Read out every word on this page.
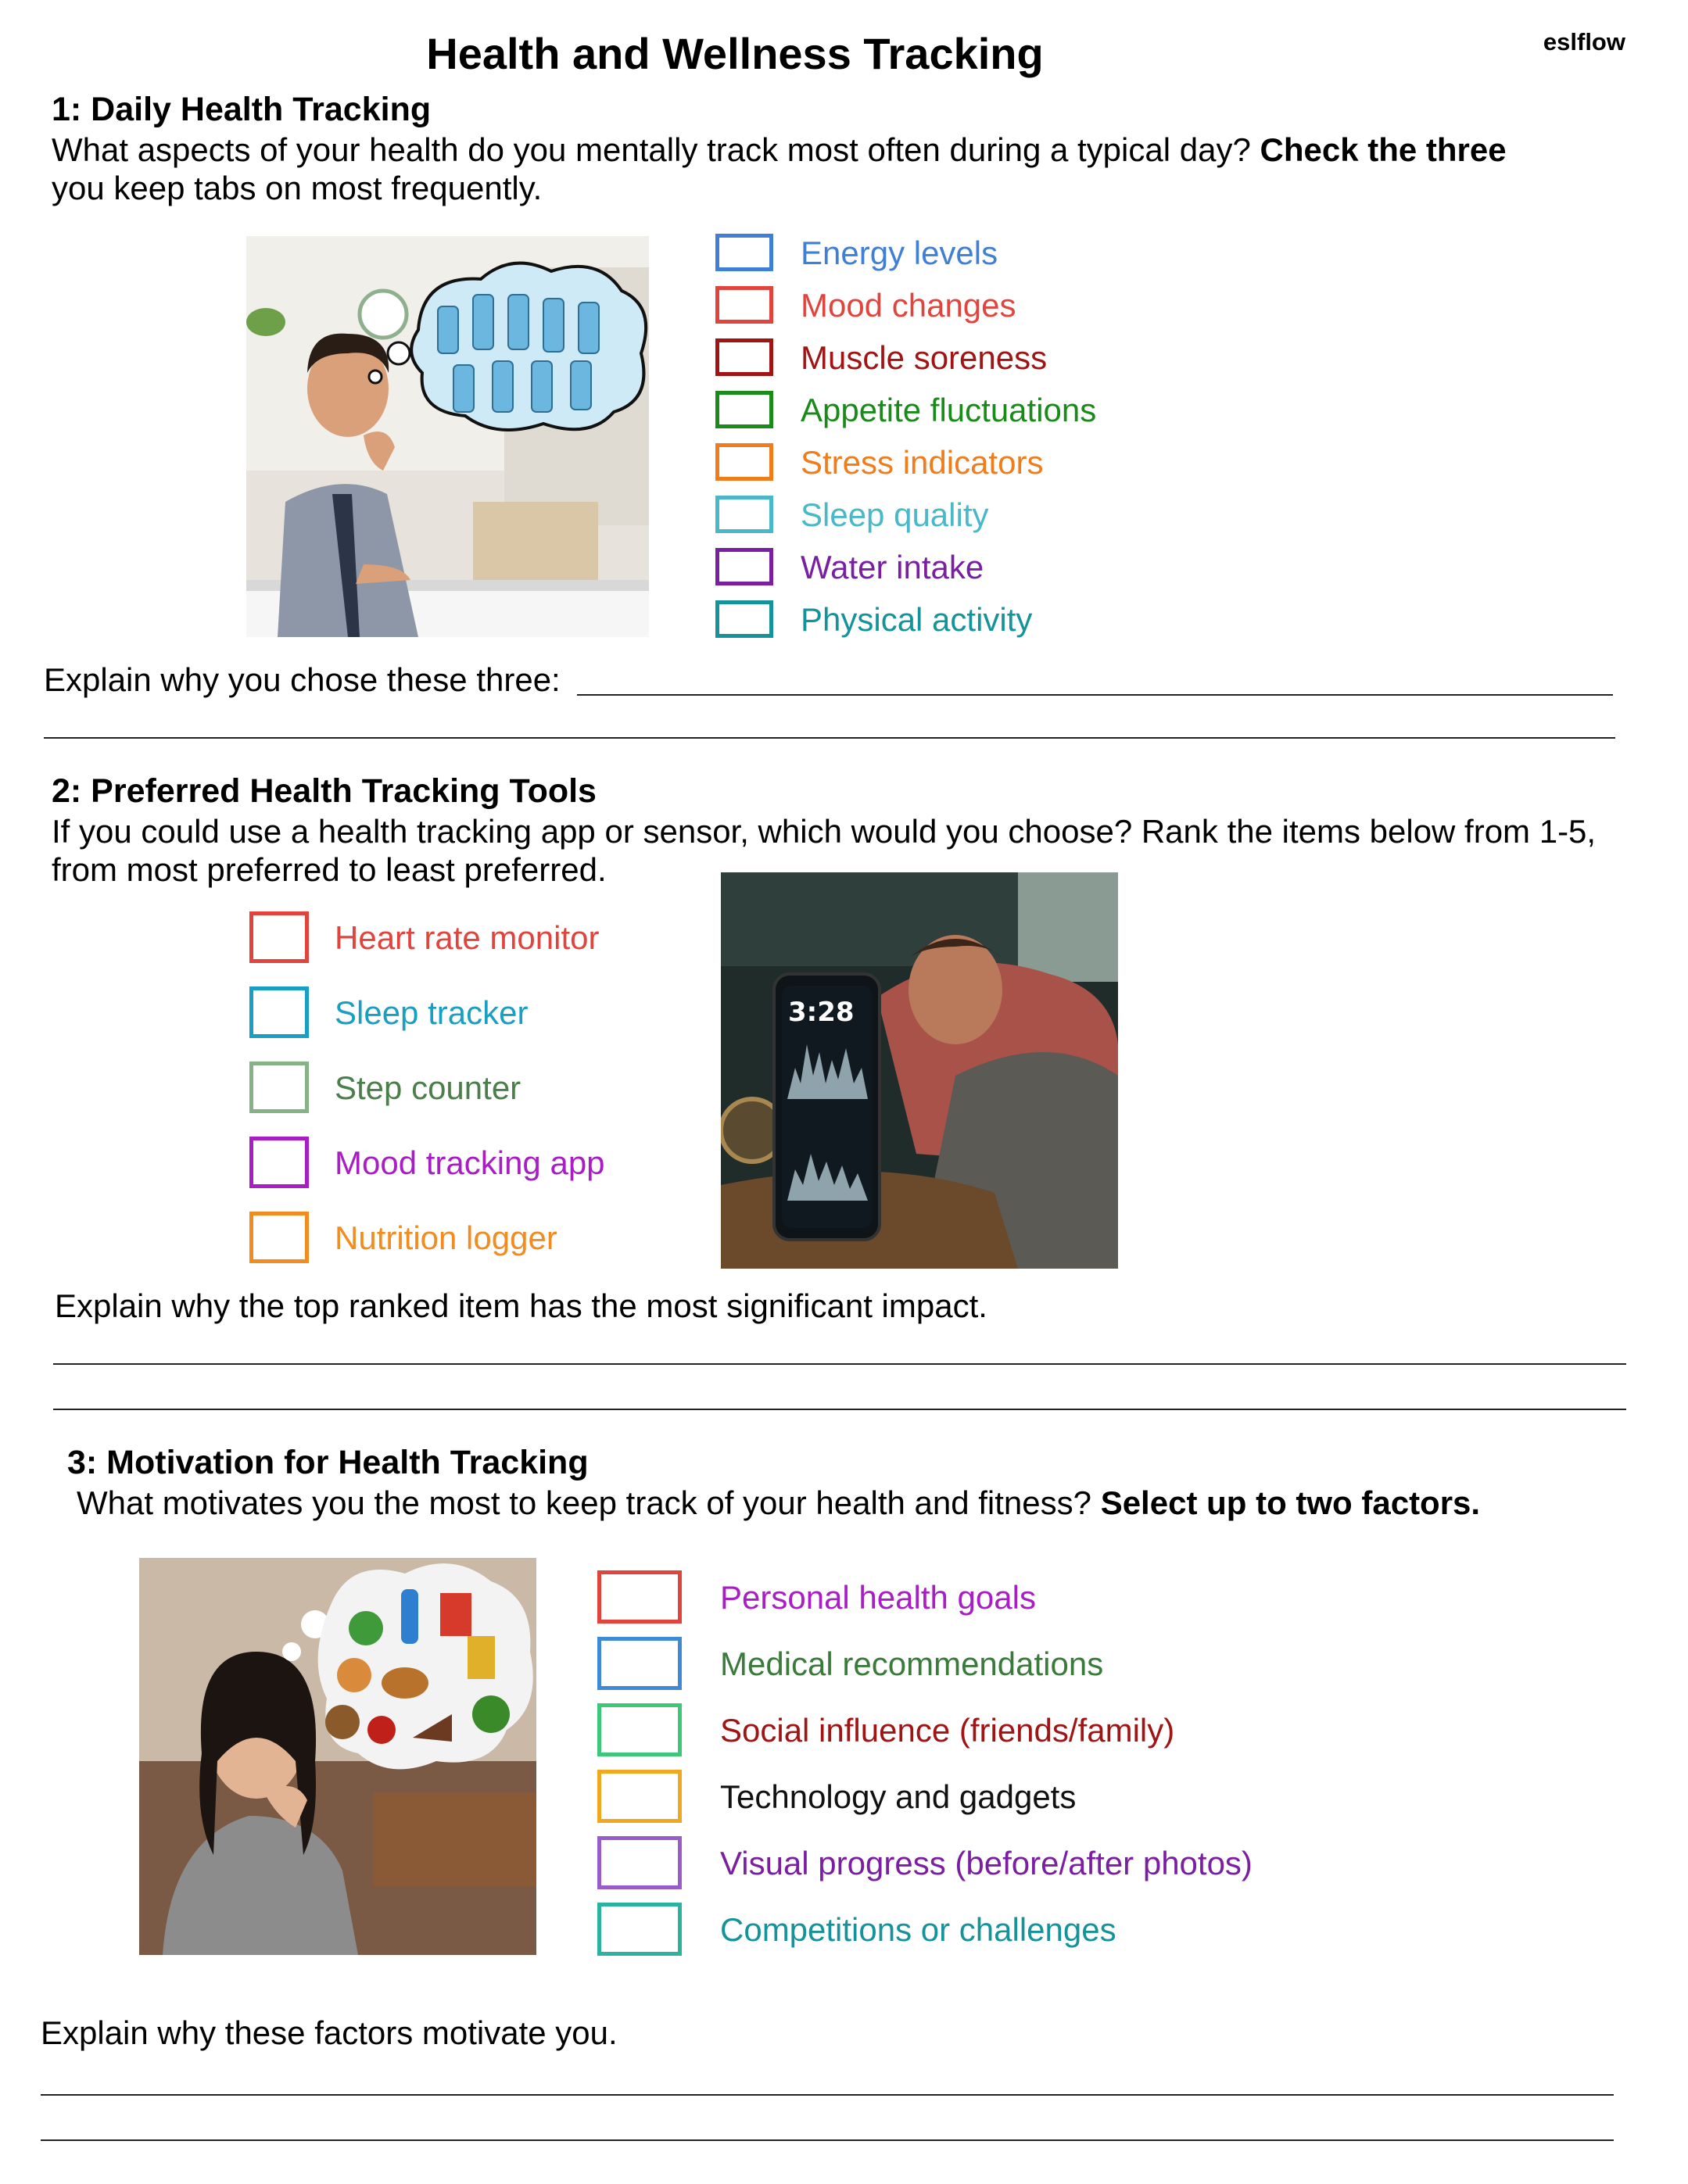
Health and Wellness Tracking	eslflow
1: Daily Health Tracking
What aspects of your health do you mentally track most often during a typical day? Check the three
you keep tabs on most frequently.
Energy levels
Mood changes
Muscle soreness
Appetite fluctuations
Stress indicators
Sleep quality
Water intake
Physical activity
Explain why you chose these three:
2: Preferred Health Tracking Tools
If you could use a health tracking app or sensor, which would you choose? Rank the items below from 1-5,
from most preferred to least preferred.
Heart rate monitor
Sleep tracker
Step counter
Mood tracking app
Nutrition logger
3:28
Explain why the top ranked item has the most significant impact.
3: Motivation for Health Tracking
What motivates you the most to keep track of your health and fitness? Select up to two factors.
Personal health goals
Medical recommendations
Social influence (friends/family)
Technology and gadgets
Visual progress (before/after photos)
Competitions or challenges
Explain why these factors motivate you.
